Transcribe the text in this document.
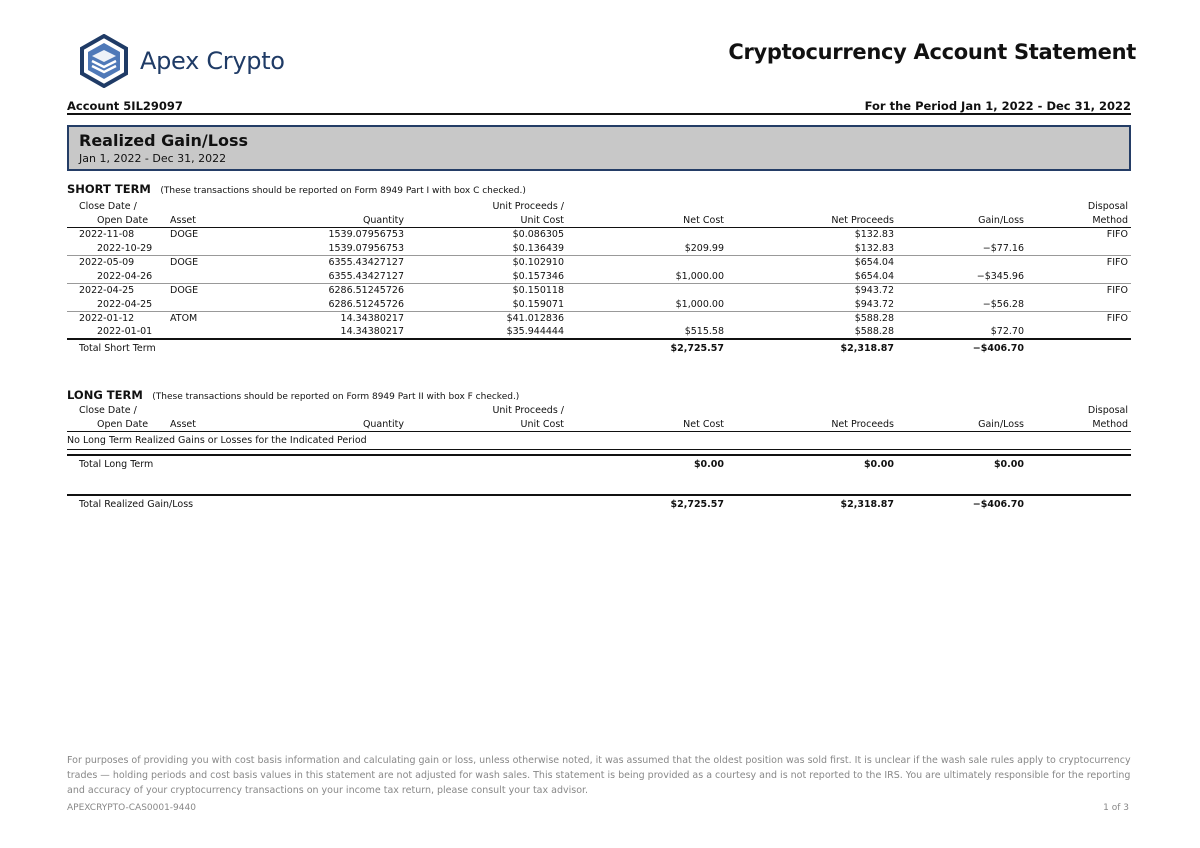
Apex Crypto	Cryptocurrency Account Statement
Account 5IL29097	For the Period Jan 1, 2022 - Dec 31, 2022
Realized Gain/Loss
Jan 1, 2022 - Dec 31, 2022
SHORT TERM (These transactions should be reported on Form 8949 Part I with box C checked.)
Close Date /			Unit Proceeds /				Disposal
Open Date	Asset	Quantity	Unit Cost	Net Cost	Net Proceeds	Gain/Loss	Method
2022-11-08	DOGE	1539.07956753	$0.086305		$132.83		FIFO
2022-10-29		1539.07956753	$0.136439	$209.99	$132.83	−$77.16	
2022-05-09	DOGE	6355.43427127	$0.102910		$654.04		FIFO
2022-04-26		6355.43427127	$0.157346	$1,000.00	$654.04	−$345.96	
2022-04-25	DOGE	6286.51245726	$0.150118		$943.72		FIFO
2022-04-25		6286.51245726	$0.159071	$1,000.00	$943.72	−$56.28	
2022-01-12	ATOM	14.34380217	$41.012836		$588.28		FIFO
2022-01-01		14.34380217	$35.944444	$515.58	$588.28	$72.70	
Total Short Term				$2,725.57	$2,318.87	−$406.70	
LONG TERM (These transactions should be reported on Form 8949 Part II with box F checked.)
Close Date /			Unit Proceeds /				Disposal
Open Date	Asset	Quantity	Unit Cost	Net Cost	Net Proceeds	Gain/Loss	Method
No Long Term Realized Gains or Losses for the Indicated Period							

Total Long Term				$0.00	$0.00	$0.00	

Total Realized Gain/Loss				$2,725.57	$2,318.87	−$406.70	
For purposes of providing you with cost basis information and calculating gain or loss, unless otherwise noted, it was assumed that the oldest position was sold first. It is unclear if the wash sale rules apply to cryptocurrency trades — holding periods and cost basis values in this statement are not adjusted for wash sales. This statement is being provided as a courtesy and is not reported to the IRS. You are ultimately responsible for the reporting and accuracy of your cryptocurrency transactions on your income tax return, please consult your tax advisor.
APEXCRYPTO-CAS0001-9440	1 of 3
